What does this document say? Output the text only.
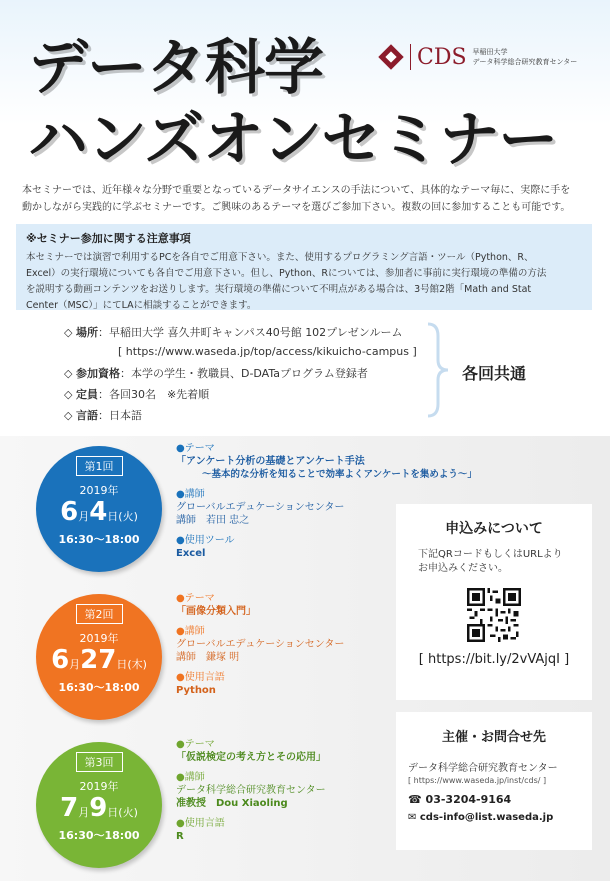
データ科学
ハンズオンセミナー
CDS 早稲田大学
データ科学総合研究教育センター
本セミナーでは、近年様々な分野で重要となっているデータサイエンスの手法について、具体的なテーマ毎に、実際に手を
動かしながら実践的に学ぶセミナーです。ご興味のあるテーマを選びご参加下さい。複数の回に参加することも可能です。
※セミナー参加に関する注意事項
本セミナーでは演習で利用するPCを各自でご用意下さい。また、使用するプログラミング言語・ツール（Python、R、
Excel）の実行環境についても各自でご用意下さい。但し、Python、Rについては、参加者に事前に実行環境の準備の方法
を説明する動画コンテンツをお送りします。実行環境の準備について不明点がある場合は、3号館2階「Math and Stat
Center（MSC）」にてLAに相談することができます。
◇ 場所：早稲田大学 喜久井町キャンパス40号館 102プレゼンルーム
[ https://www.waseda.jp/top/access/kikuicho-campus ]
◇ 参加資格：本学の学生・教職員、D-DATaプログラム登録者
◇ 定員：各回30名　※先着順
◇ 言語：日本語
各回共通
第1回
2019年
6月4日(火)
16:30～18:00
●テーマ
「アンケート分析の基礎とアンケート手法
～基本的な分析を知ることで効率よくアンケートを集めよう～」
●講師
グローバルエデュケーションセンター
講師　若田 忠之
●使用ツール
Excel
第2回
2019年
6月27日(木)
16:30～18:00
●テーマ
「画像分類入門」
●講師
グローバルエデュケーションセンター
講師　鎌塚 明
●使用言語
Python
第3回
2019年
7月9日(火)
16:30～18:00
●テーマ
「仮説検定の考え方とその応用」
●講師
データ科学総合研究教育センター
准教授　Dou Xiaoling
●使用言語
R
申込みについて
下記QRコードもしくはURLより
お申込みください。
[ https://bit.ly/2vVAjqI ]
主催・お問合せ先
データ科学総合研究教育センター
[ https://www.waseda.jp/inst/cds/ ]
☎ 03-3204-9164
✉ cds-info@list.waseda.jp
